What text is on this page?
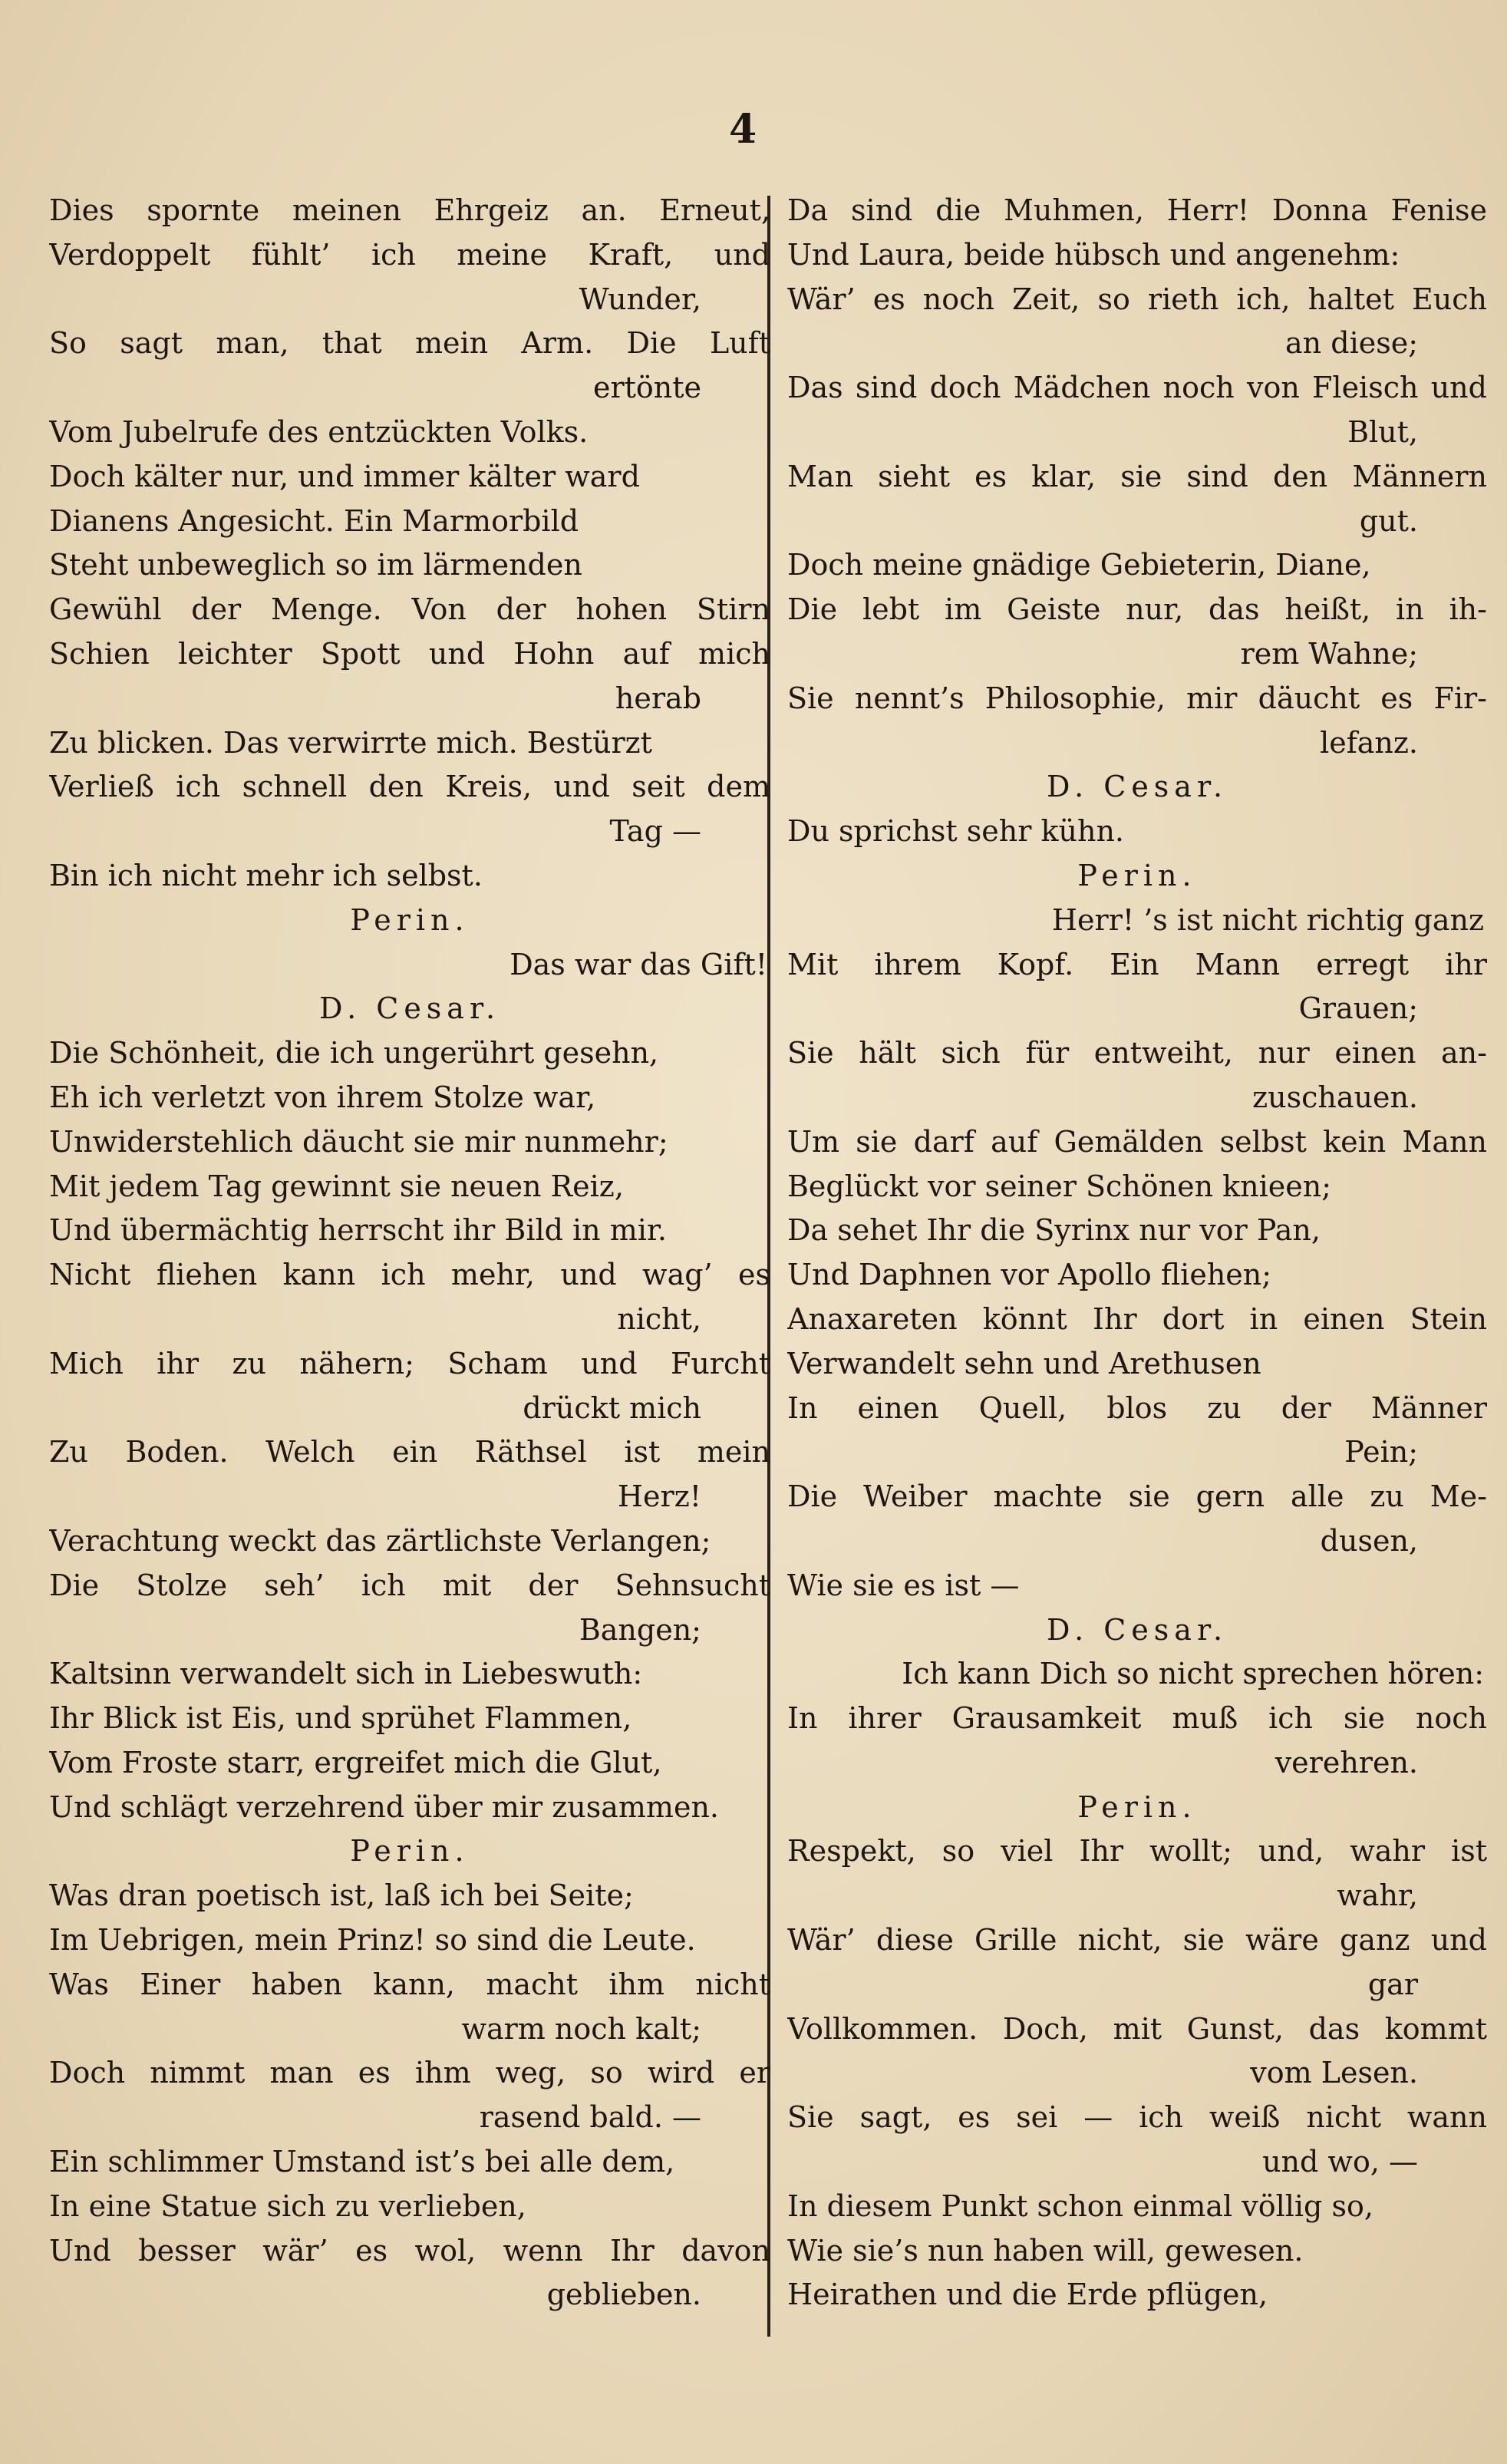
4
Dies spornte meinen Ehrgeiz an. Erneut,
Verdoppelt fühlt’ ich meine Kraft, und
Wunder,
So sagt man, that mein Arm. Die Luft
ertönte
Vom Jubelrufe des entzückten Volks.
Doch kälter nur, und immer kälter ward
Dianens Angesicht. Ein Marmorbild
Steht unbeweglich so im lärmenden
Gewühl der Menge. Von der hohen Stirn
Schien leichter Spott und Hohn auf mich
herab
Zu blicken. Das verwirrte mich. Bestürzt
Verließ ich schnell den Kreis, und seit dem
Tag —
Bin ich nicht mehr ich selbst.
Perin.
Das war das Gift!
D. Cesar.
Die Schönheit, die ich ungerührt gesehn,
Eh ich verletzt von ihrem Stolze war,
Unwiderstehlich däucht sie mir nunmehr;
Mit jedem Tag gewinnt sie neuen Reiz,
Und übermächtig herrscht ihr Bild in mir.
Nicht fliehen kann ich mehr, und wag’ es
nicht,
Mich ihr zu nähern; Scham und Furcht
drückt mich
Zu Boden. Welch ein Räthsel ist mein
Herz!
Verachtung weckt das zärtlichste Verlangen;
Die Stolze seh’ ich mit der Sehnsucht
Bangen;
Kaltsinn verwandelt sich in Liebeswuth:
Ihr Blick ist Eis, und sprühet Flammen,
Vom Froste starr, ergreifet mich die Glut,
Und schlägt verzehrend über mir zusammen.
Perin.
Was dran poetisch ist, laß ich bei Seite;
Im Uebrigen, mein Prinz! so sind die Leute.
Was Einer haben kann, macht ihm nicht
warm noch kalt;
Doch nimmt man es ihm weg, so wird er
rasend bald. —
Ein schlimmer Umstand ist’s bei alle dem,
In eine Statue sich zu verlieben,
Und besser wär’ es wol, wenn Ihr davon
geblieben.
Da sind die Muhmen, Herr! Donna Fenise
Und Laura, beide hübsch und angenehm:
Wär’ es noch Zeit, so rieth ich, haltet Euch
an diese;
Das sind doch Mädchen noch von Fleisch und
Blut,
Man sieht es klar, sie sind den Männern
gut.
Doch meine gnädige Gebieterin, Diane,
Die lebt im Geiste nur, das heißt, in ih-
rem Wahne;
Sie nennt’s Philosophie, mir däucht es Fir-
lefanz.
D. Cesar.
Du sprichst sehr kühn.
Perin.
Herr! ’s ist nicht richtig ganz
Mit ihrem Kopf. Ein Mann erregt ihr
Grauen;
Sie hält sich für entweiht, nur einen an-
zuschauen.
Um sie darf auf Gemälden selbst kein Mann
Beglückt vor seiner Schönen knieen;
Da sehet Ihr die Syrinx nur vor Pan,
Und Daphnen vor Apollo fliehen;
Anaxareten könnt Ihr dort in einen Stein
Verwandelt sehn und Arethusen
In einen Quell, blos zu der Männer
Pein;
Die Weiber machte sie gern alle zu Me-
dusen,
Wie sie es ist —
D. Cesar.
Ich kann Dich so nicht sprechen hören:
In ihrer Grausamkeit muß ich sie noch
verehren.
Perin.
Respekt, so viel Ihr wollt; und, wahr ist
wahr,
Wär’ diese Grille nicht, sie wäre ganz und
gar
Vollkommen. Doch, mit Gunst, das kommt
vom Lesen.
Sie sagt, es sei — ich weiß nicht wann
und wo, —
In diesem Punkt schon einmal völlig so,
Wie sie’s nun haben will, gewesen.
Heirathen und die Erde pflügen,
